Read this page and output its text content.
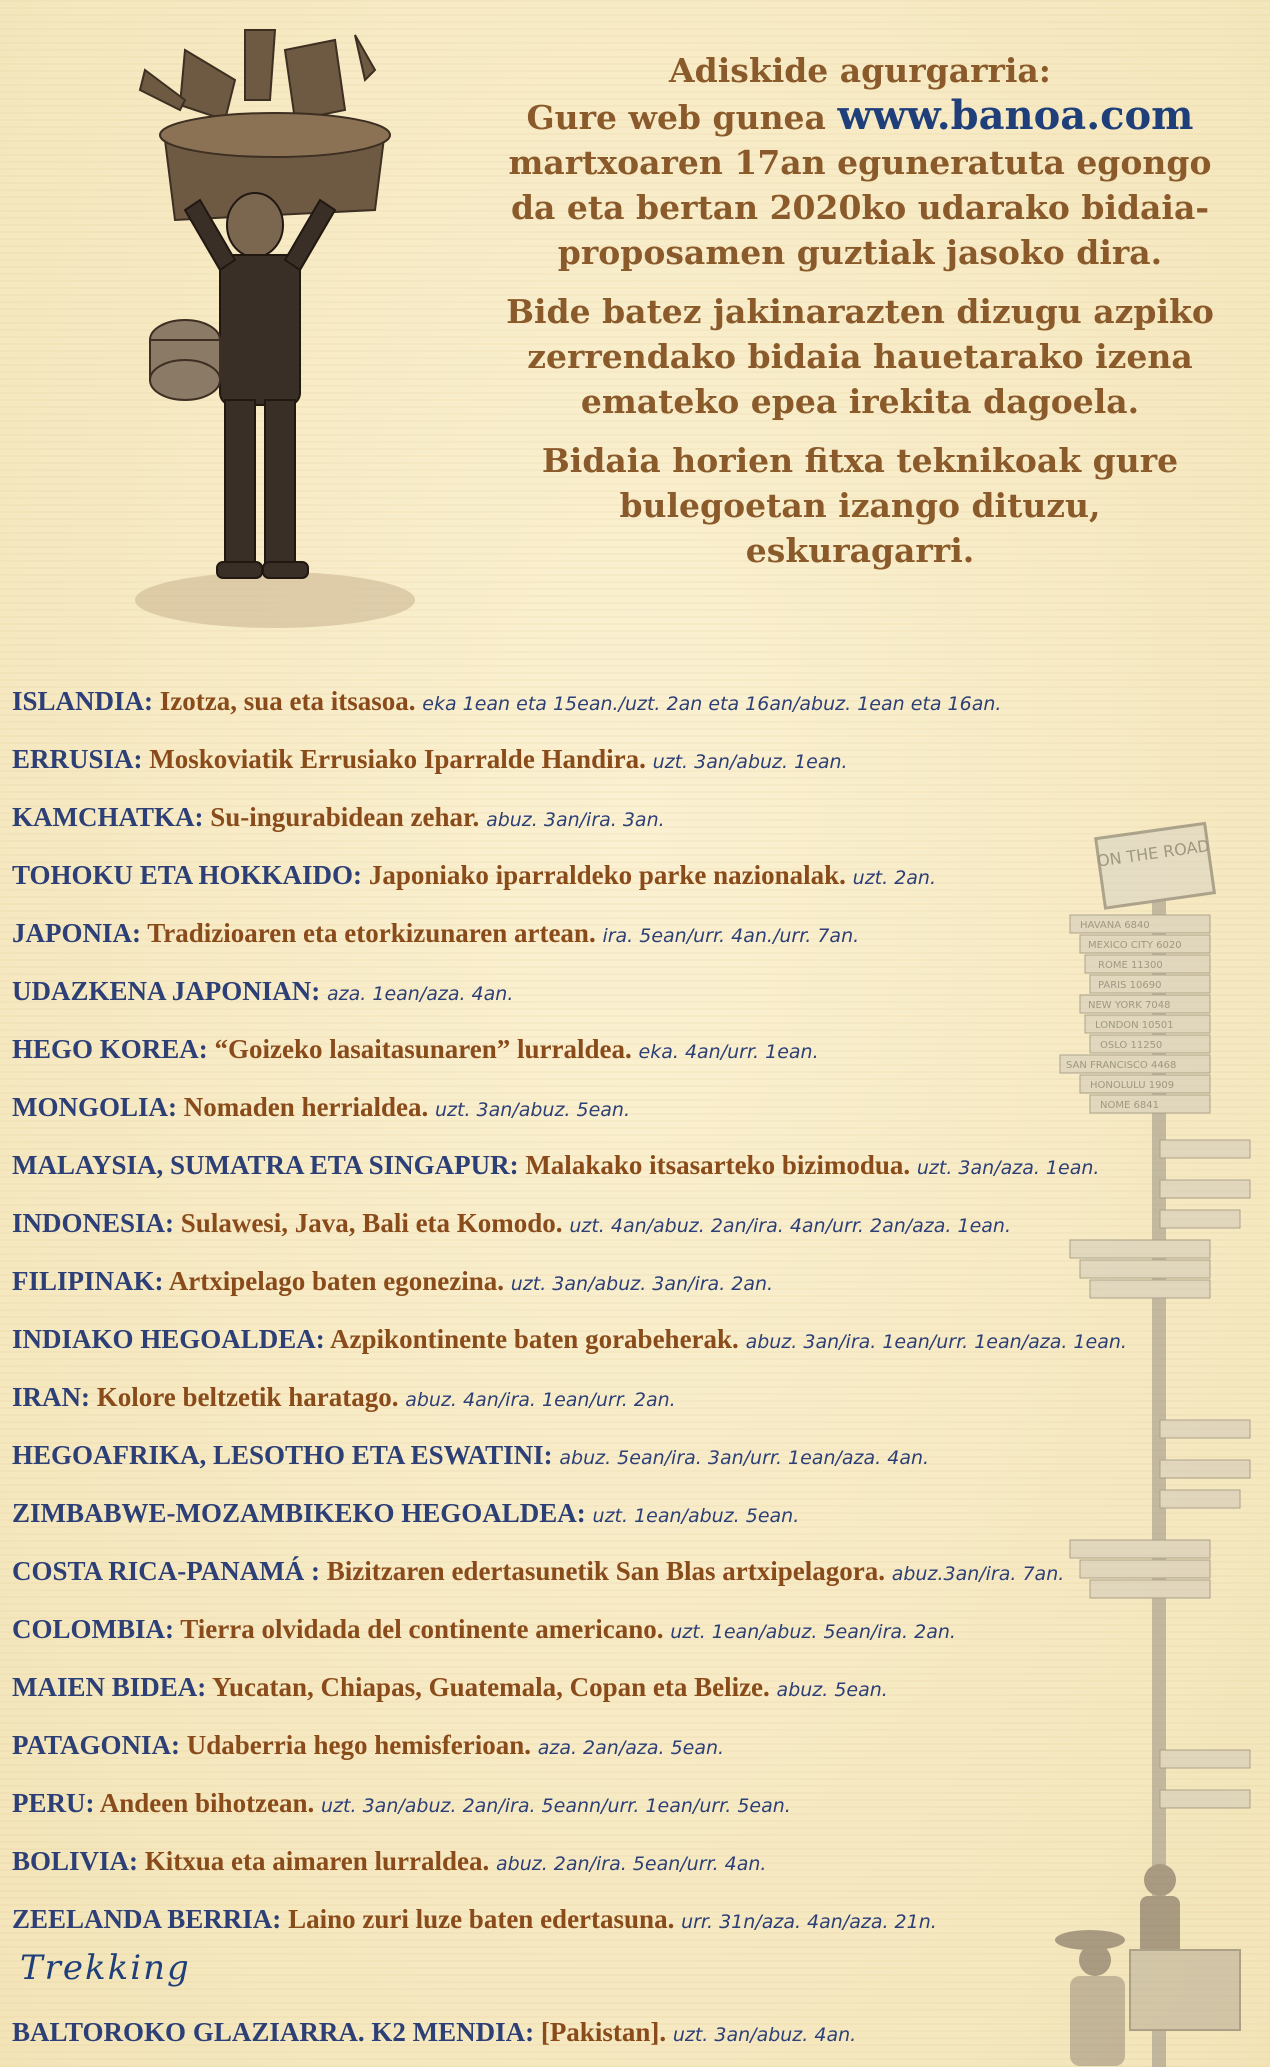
ON THE ROAD
HAVANA 6840
MEXICO CITY 6020
ROME 11300
PARIS 10690
NEW YORK 7048
LONDON 10501
OSLO 11250
SAN FRANCISCO 4468
HONOLULU 1909
NOME 6841

Adiskide agurgarria:

Gure web gunea www.banoa.com martxoaren 17an eguneratuta egongo da eta bertan 2020ko udarako bidaia-proposamen guztiak jasoko dira.

Bide batez jakinarazten dizugu azpiko zerrendako bidaia hauetarako izena emateko epea irekita dagoela.

Bidaia horien fitxa teknikoak gure bulegoetan izango dituzu, eskuragarri.

ISLANDIA: Izotza, sua eta itsasoa. eka 1ean eta 15ean./uzt. 2an eta 16an/abuz. 1ean eta 16an.
ERRUSIA: Moskoviatik Errusiako Iparralde Handira. uzt. 3an/abuz. 1ean.
KAMCHATKA: Su-ingurabidean zehar. abuz. 3an/ira. 3an.
TOHOKU ETA HOKKAIDO: Japoniako iparraldeko parke nazionalak. uzt. 2an.
JAPONIA: Tradizioaren eta etorkizunaren artean. ira. 5ean/urr. 4an./urr. 7an.
UDAZKENA JAPONIAN: aza. 1ean/aza. 4an.
HEGO KOREA: “Goizeko lasaitasunaren” lurraldea. eka. 4an/urr. 1ean.
MONGOLIA: Nomaden herrialdea. uzt. 3an/abuz. 5ean.
MALAYSIA, SUMATRA ETA SINGAPUR: Malakako itsasarteko bizimodua. uzt. 3an/aza. 1ean.
INDONESIA: Sulawesi, Java, Bali eta Komodo. uzt. 4an/abuz. 2an/ira. 4an/urr. 2an/aza. 1ean.
FILIPINAK: Artxipelago baten egonezina. uzt. 3an/abuz. 3an/ira. 2an.
INDIAKO HEGOALDEA: Azpikontinente baten gorabeherak. abuz. 3an/ira. 1ean/urr. 1ean/aza. 1ean.
IRAN: Kolore beltzetik haratago. abuz. 4an/ira. 1ean/urr. 2an.
HEGOAFRIKA, LESOTHO ETA ESWATINI: abuz. 5ean/ira. 3an/urr. 1ean/aza. 4an.
ZIMBABWE-MOZAMBIKEKO HEGOALDEA: uzt. 1ean/abuz. 5ean.
COSTA RICA-PANAMÁ : Bizitzaren edertasunetik San Blas artxipelagora. abuz.3an/ira. 7an.
COLOMBIA: Tierra olvidada del continente americano. uzt. 1ean/abuz. 5ean/ira. 2an.
MAIEN BIDEA: Yucatan, Chiapas, Guatemala, Copan eta Belize. abuz. 5ean.
PATAGONIA: Udaberria hego hemisferioan. aza. 2an/aza. 5ean.
PERU: Andeen bihotzean. uzt. 3an/abuz. 2an/ira. 5eann/urr. 1ean/urr. 5ean.
BOLIVIA: Kitxua eta aimaren lurraldea. abuz. 2an/ira. 5ean/urr. 4an.
ZEELANDA BERRIA: Laino zuri luze baten edertasuna. urr. 31n/aza. 4an/aza. 21n.
Trekking
BALTOROKO GLAZIARRA. K2 MENDIA: [Pakistan]. uzt. 3an/abuz. 4an.
